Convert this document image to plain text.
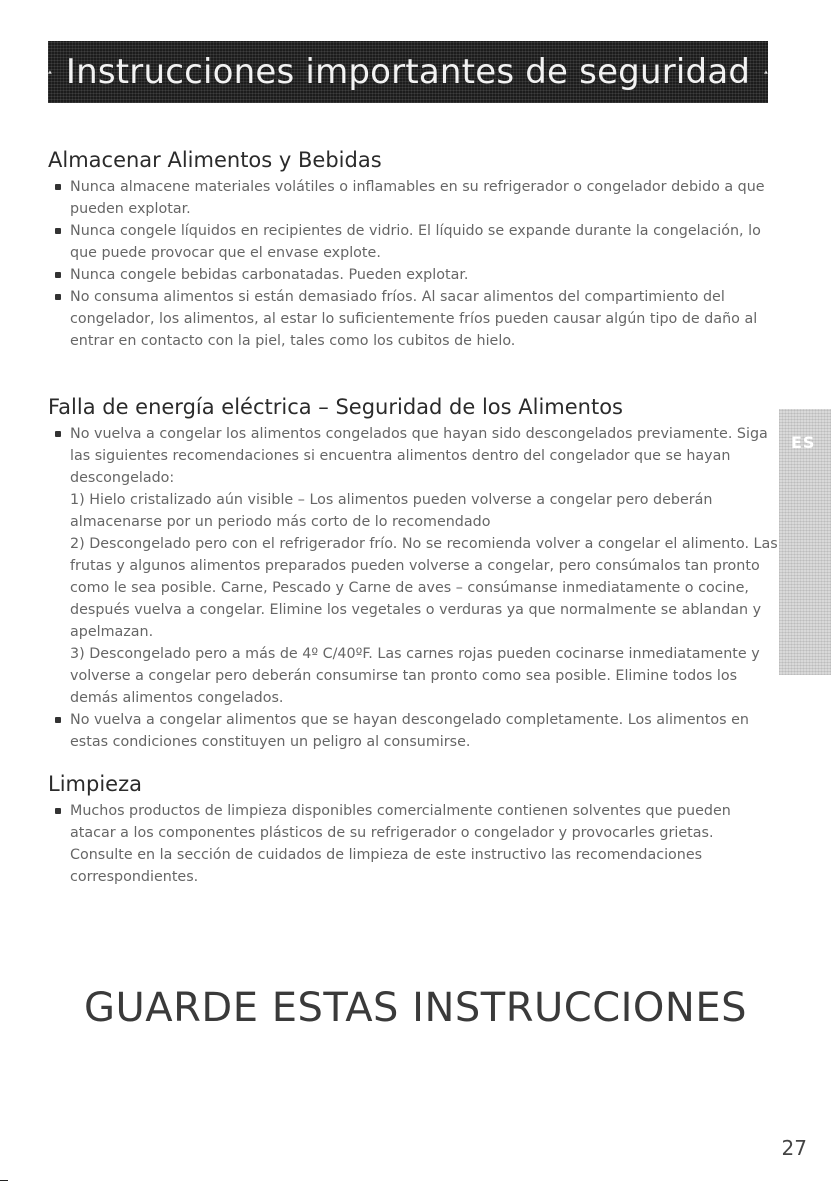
Instrucciones importantes de seguridad
Almacenar Alimentos y Bebidas
Nunca almacene materiales volátiles o inflamables en su refrigerador o congelador debido a que pueden explotar.
Nunca congele líquidos en recipientes de vidrio. El líquido se expande durante la congelación, lo que puede provocar que el envase explote.
Nunca congele bebidas carbonatadas. Pueden explotar.
No consuma alimentos si están demasiado fríos. Al sacar alimentos del compartimiento del congelador, los alimentos, al estar lo suficientemente fríos pueden causar algún tipo de daño al entrar en contacto con la piel, tales como los cubitos de hielo.
Falla de energía eléctrica – Seguridad de los Alimentos
No vuelva a congelar los alimentos congelados que hayan sido descongelados previamente. Siga las siguientes recomendaciones si encuentra alimentos dentro del congelador que se hayan descongelado:
1) Hielo cristalizado aún visible – Los alimentos pueden volverse a congelar pero deberán almacenarse por un periodo más corto de lo recomendado
2) Descongelado pero con el refrigerador frío. No se recomienda volver a congelar el alimento. Las frutas y algunos alimentos preparados pueden volverse a congelar, pero consúmalos tan pronto como le sea posible. Carne, Pescado y Carne de aves – consúmanse inmediatamente o cocine, después vuelva a congelar. Elimine los vegetales o verduras ya que normalmente se ablandan y apelmazan.
3) Descongelado pero a más de 4º C/40ºF. Las carnes rojas pueden cocinarse inmediatamente y volverse a congelar pero deberán consumirse tan pronto como sea posible. Elimine todos los demás alimentos congelados.
No vuelva a congelar alimentos que se hayan descongelado completamente. Los alimentos en estas condiciones constituyen un peligro al consumirse.
Limpieza
Muchos productos de limpieza disponibles comercialmente contienen solventes que pueden atacar a los componentes plásticos de su refrigerador o congelador y provocarles grietas. Consulte en la sección de cuidados de limpieza de este instructivo las recomendaciones correspondientes.
ES
GUARDE ESTAS INSTRUCCIONES
27
